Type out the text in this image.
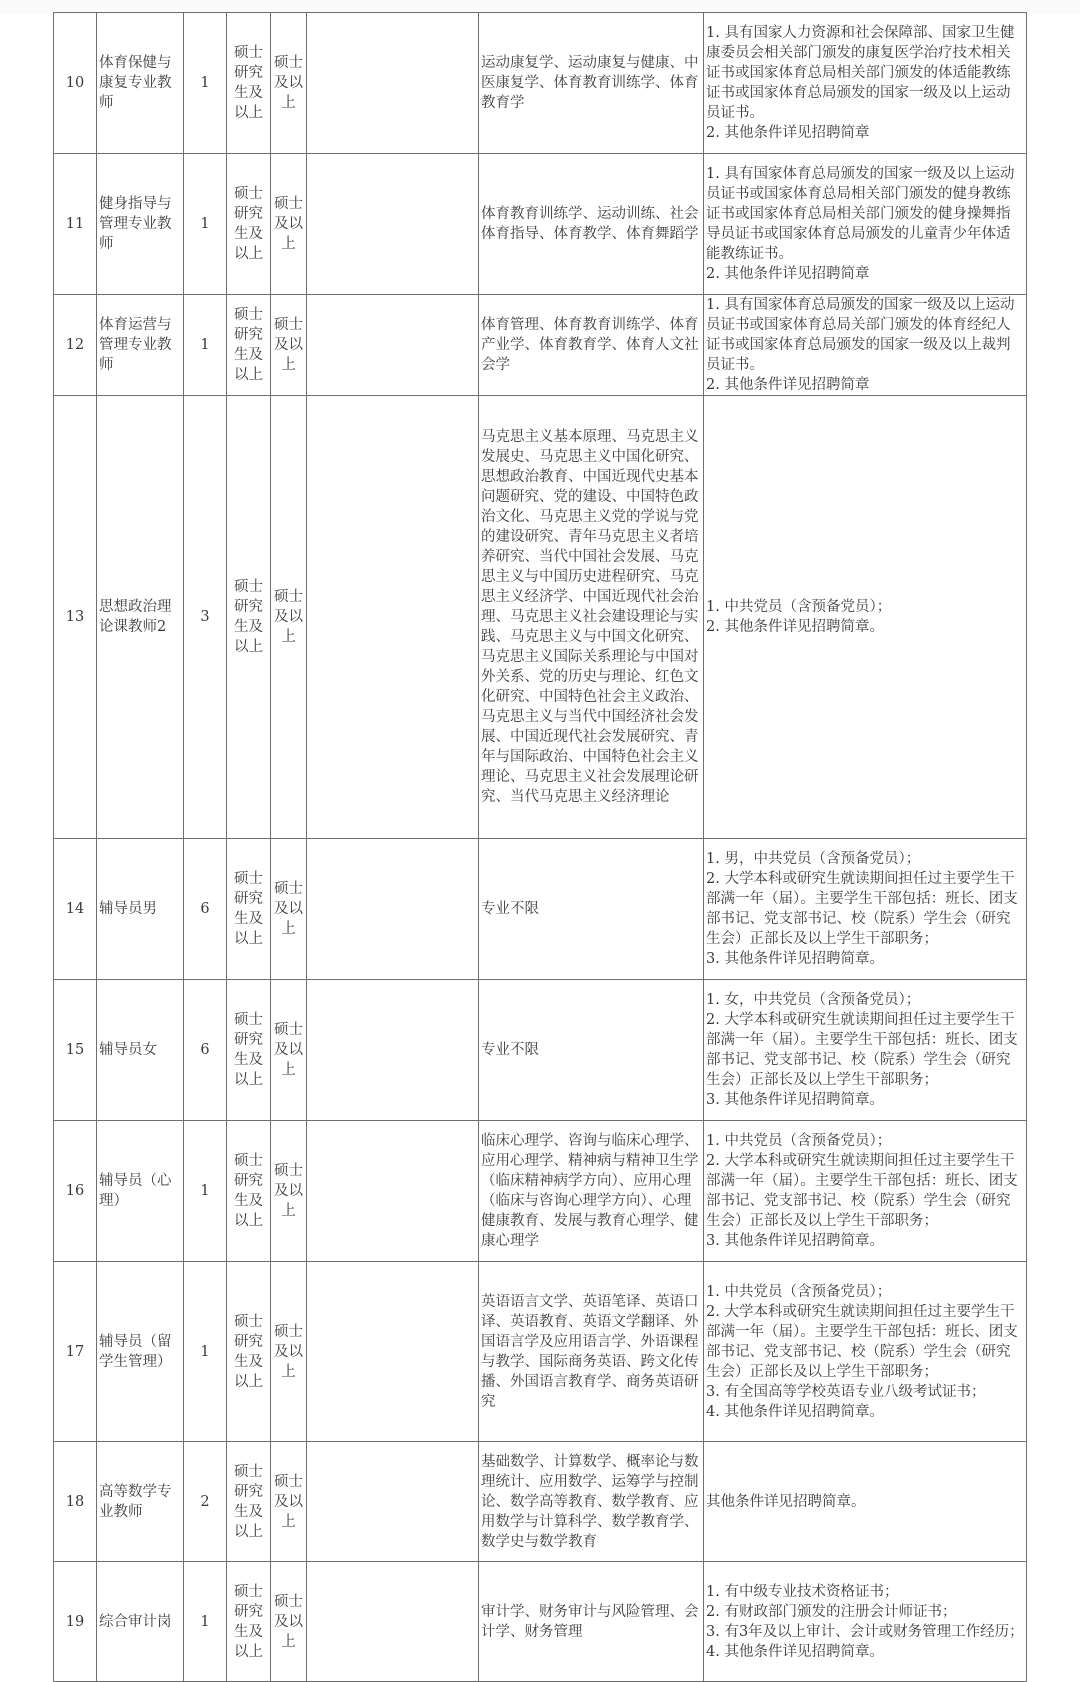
10	体育保健与康复专业教师	1	硕士研究生及以上	硕士及以上		运动康复学、运动康复与健康、中医康复学、体育教育训练学、体育教育学	1. 具有国家人力资源和社会保障部、国家卫生健康委员会相关部门颁发的康复医学治疗技术相关证书或国家体育总局相关部门颁发的体适能教练证书或国家体育总局颁发的国家一级及以上运动员证书。
2. 其他条件详见招聘简章

11	健身指导与管理专业教师	1	硕士研究生及以上	硕士及以上		体育教育训练学、运动训练、社会体育指导、体育教学、体育舞蹈学	1. 具有国家体育总局颁发的国家一级及以上运动员证书或国家体育总局相关部门颁发的健身教练证书或国家体育总局相关部门颁发的健身操舞指导员证书或国家体育总局颁发的儿童青少年体适能教练证书。
2. 其他条件详见招聘简章

12	体育运营与管理专业教师	1	硕士研究生及以上	硕士及以上		体育管理、体育教育训练学、体育产业学、体育教育学、体育人文社会学	1. 具有国家体育总局颁发的国家一级及以上运动员证书或国家体育总局关部门颁发的体育经纪人证书或国家体育总局颁发的国家一级及以上裁判员证书。
2. 其他条件详见招聘简章

13	思想政治理论课教师2	3	硕士研究生及以上	硕士及以上		马克思主义基本原理、马克思主义发展史、马克思主义中国化研究、思想政治教育、中国近现代史基本问题研究、党的建设、中国特色政治文化、马克思主义党的学说与党的建设研究、青年马克思主义者培养研究、当代中国社会发展、马克思主义与中国历史进程研究、马克思主义经济学、中国近现代社会治理、马克思主义社会建设理论与实践、马克思主义与中国文化研究、马克思主义国际关系理论与中国对外关系、党的历史与理论、红色文化研究、中国特色社会主义政治、马克思主义与当代中国经济社会发展、中国近现代社会发展研究、青年与国际政治、中国特色社会主义理论、马克思主义社会发展理论研究、当代马克思主义经济理论	1. 中共党员（含预备党员）；
2. 其他条件详见招聘简章。

14	辅导员男	6	硕士研究生及以上	硕士及以上		专业不限	1. 男，中共党员（含预备党员）；
2. 大学本科或研究生就读期间担任过主要学生干部满一年（届）。主要学生干部包括：班长、团支部书记、党支部书记、校（院系）学生会（研究生会）正部长及以上学生干部职务；
3. 其他条件详见招聘简章。

15	辅导员女	6	硕士研究生及以上	硕士及以上		专业不限	1. 女，中共党员（含预备党员）；
2. 大学本科或研究生就读期间担任过主要学生干部满一年（届）。主要学生干部包括：班长、团支部书记、党支部书记、校（院系）学生会（研究生会）正部长及以上学生干部职务；
3. 其他条件详见招聘简章。

16	辅导员（心理）	1	硕士研究生及以上	硕士及以上		临床心理学、咨询与临床心理学、应用心理学、精神病与精神卫生学（临床精神病学方向）、应用心理（临床与咨询心理学方向）、心理健康教育、发展与教育心理学、健康心理学	1. 中共党员（含预备党员）；
2. 大学本科或研究生就读期间担任过主要学生干部满一年（届）。主要学生干部包括：班长、团支部书记、党支部书记、校（院系）学生会（研究生会）正部长及以上学生干部职务；
3. 其他条件详见招聘简章。

17	辅导员（留学生管理）	1	硕士研究生及以上	硕士及以上		英语语言文学、英语笔译、英语口译、英语教育、英语文学翻译、外国语言学及应用语言学、外语课程与教学、国际商务英语、跨文化传播、外国语言教育学、商务英语研究	1. 中共党员（含预备党员）；
2. 大学本科或研究生就读期间担任过主要学生干部满一年（届）。主要学生干部包括：班长、团支部书记、党支部书记、校（院系）学生会（研究生会）正部长及以上学生干部职务；
3. 有全国高等学校英语专业八级考试证书；
4. 其他条件详见招聘简章。

18	高等数学专业教师	2	硕士研究生及以上	硕士及以上		基础数学、计算数学、概率论与数理统计、应用数学、运筹学与控制论、数学高等教育、数学教育、应用数学与计算科学、数学教育学、数学史与数学教育	其他条件详见招聘简章。

19	综合审计岗	1	硕士研究生及以上	硕士及以上		审计学、财务审计与风险管理、会计学、财务管理	1. 有中级专业技术资格证书；
2. 有财政部门颁发的注册会计师证书；
3. 有3年及以上审计、会计或财务管理工作经历；
4. 其他条件详见招聘简章。
